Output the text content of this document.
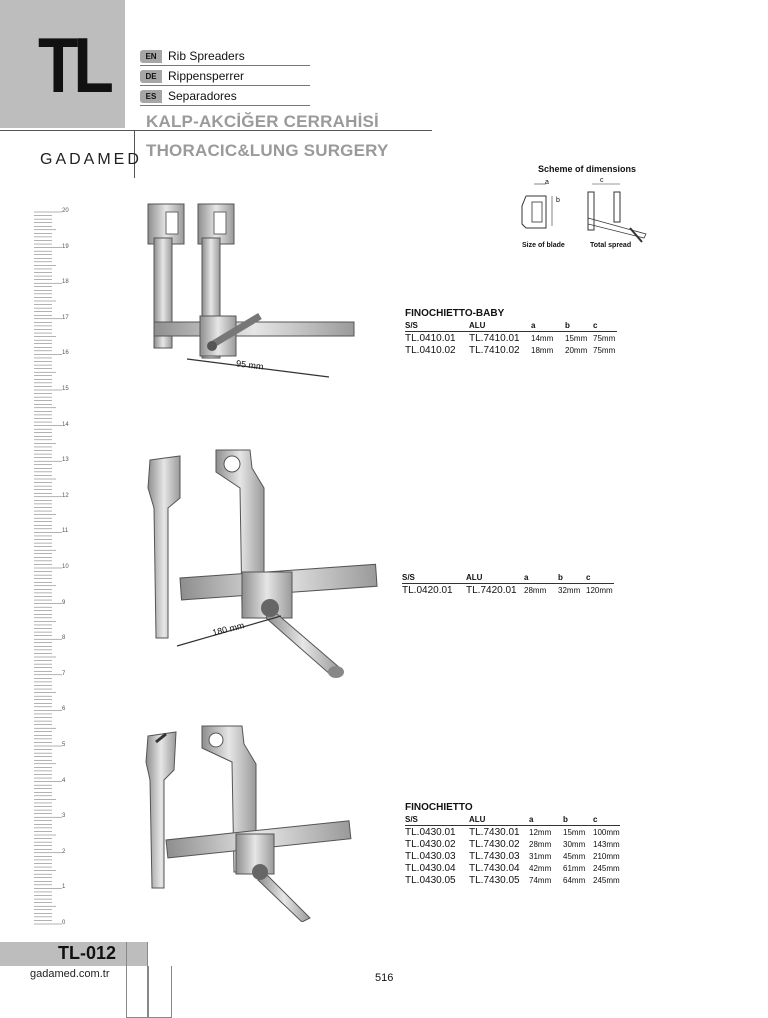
TL	EN Rib Spreaders
DE Rippensperrer
ES Separadores
KALP-AKCİĞER CERRAHİSİ
THORACIC&LUNG SURGERY
GADAMED
Scheme of dimensions
a
b
c
Size of blade	Total spread
20
19
18
17
16
15
14
13
12
11
10
9
8
7
6
5
4
3
2
1
0
95 mm
FINOCHIETTO-BABY
S/S	ALU	a	b	c
TL.0410.01	TL.7410.01	14mm	15mm	75mm
TL.0410.02	TL.7410.02	18mm	20mm	75mm
180 mm
S/S	ALU	a	b	c
TL.0420.01	TL.7420.01	28mm	32mm	120mm
FINOCHIETTO
S/S	ALU	a	b	c
TL.0430.01	TL.7430.01	12mm	15mm	100mm
TL.0430.02	TL.7430.02	28mm	30mm	143mm
TL.0430.03	TL.7430.03	31mm	45mm	210mm
TL.0430.04	TL.7430.04	42mm	61mm	245mm
TL.0430.05	TL.7430.05	74mm	64mm	245mm
TL-012
gadamed.com.tr	516
